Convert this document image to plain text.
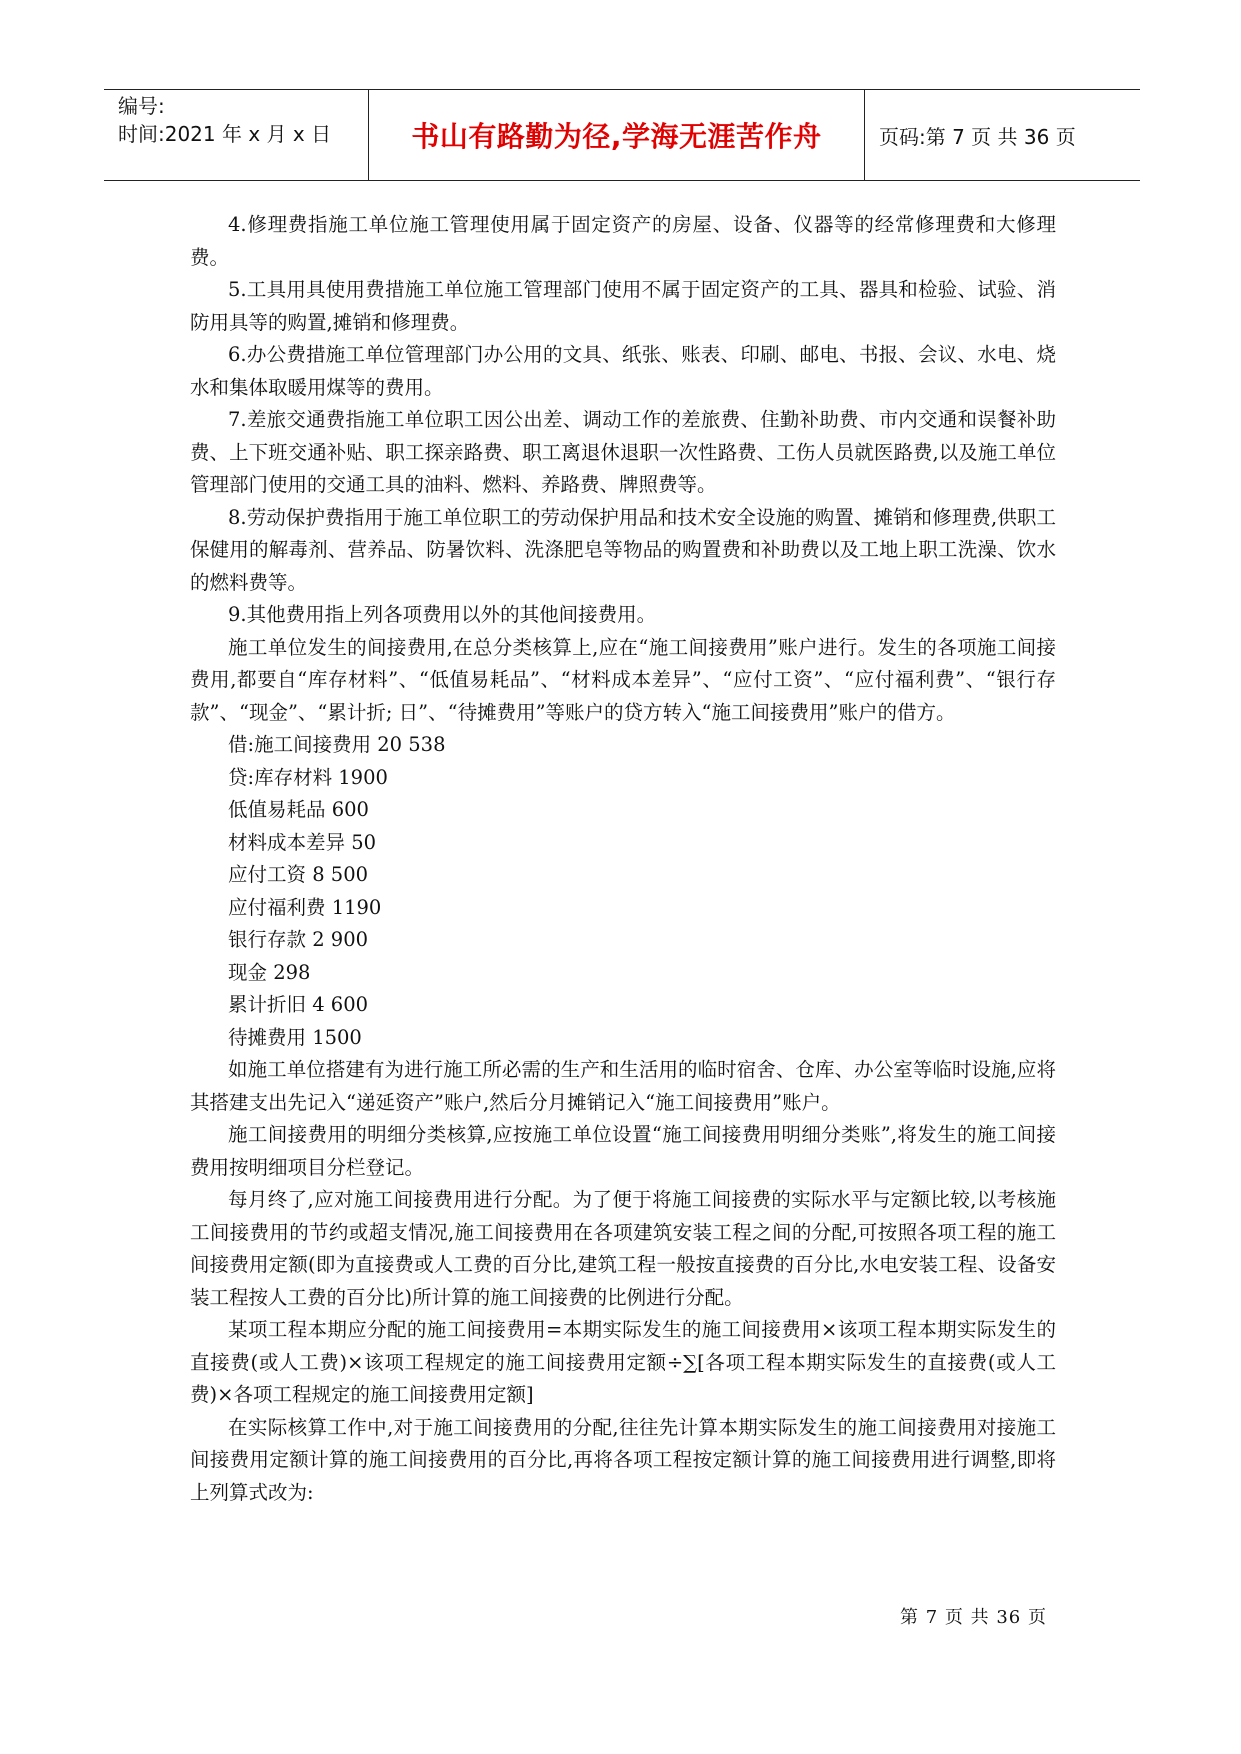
编号:
时间:2021 年 x 月 x 日	书山有路勤为径,学海无涯苦作舟	页码:第 7 页 共 36 页

4.修理费指施工单位施工管理使用属于固定资产的房屋、设备、仪器等的经常修理费和大修理费。

5.工具用具使用费措施工单位施工管理部门使用不属于固定资产的工具、器具和检验、试验、消防用具等的购置,摊销和修理费。

6.办公费措施工单位管理部门办公用的文具、纸张、账表、印刷、邮电、书报、会议、水电、烧水和集体取暖用煤等的费用。

7.差旅交通费指施工单位职工因公出差、调动工作的差旅费、住勤补助费、市内交通和误餐补助费、上下班交通补贴、职工探亲路费、职工离退休退职一次性路费、工伤人员就医路费,以及施工单位管理部门使用的交通工具的油料、燃料、养路费、牌照费等。

8.劳动保护费指用于施工单位职工的劳动保护用品和技术安全设施的购置、摊销和修理费,供职工保健用的解毒剂、营养品、防暑饮料、洗涤肥皂等物品的购置费和补助费以及工地上职工洗澡、饮水的燃料费等。

9.其他费用指上列各项费用以外的其他间接费用。

施工单位发生的间接费用,在总分类核算上,应在“施工间接费用”账户进行。发生的各项施工间接费用,都要自“库存材料”、“低值易耗品”、“材料成本差异”、“应付工资”、“应付福利费”、“银行存款”、“现金”、“累计折; 日”、“待摊费用”等账户的贷方转入“施工间接费用”账户的借方。

借:施工间接费用 20 538

贷:库存材料 1900

低值易耗品 600

材料成本差异 50

应付工资 8 500

应付福利费 1190

银行存款 2 900

现金 298

累计折旧 4 600

待摊费用 1500

如施工单位搭建有为进行施工所必需的生产和生活用的临时宿舍、仓库、办公室等临时设施,应将其搭建支出先记入“递延资产”账户,然后分月摊销记入“施工间接费用”账户。

施工间接费用的明细分类核算,应按施工单位设置“施工间接费用明细分类账”,将发生的施工间接费用按明细项目分栏登记。

每月终了,应对施工间接费用进行分配。为了便于将施工间接费的实际水平与定额比较,以考核施工间接费用的节约或超支情况,施工间接费用在各项建筑安装工程之间的分配,可按照各项工程的施工间接费用定额(即为直接费或人工费的百分比,建筑工程一般按直接费的百分比,水电安装工程、设备安装工程按人工费的百分比)所计算的施工间接费的比例进行分配。

某项工程本期应分配的施工间接费用=本期实际发生的施工间接费用×该项工程本期实际发生的直接费(或人工费)×该项工程规定的施工间接费用定额÷∑[各项工程本期实际发生的直接费(或人工费)×各项工程规定的施工间接费用定额]

在实际核算工作中,对于施工间接费用的分配,往往先计算本期实际发生的施工间接费用对接施工间接费用定额计算的施工间接费用的百分比,再将各项工程按定额计算的施工间接费用进行调整,即将上列算式改为:

第 7 页 共 36 页
